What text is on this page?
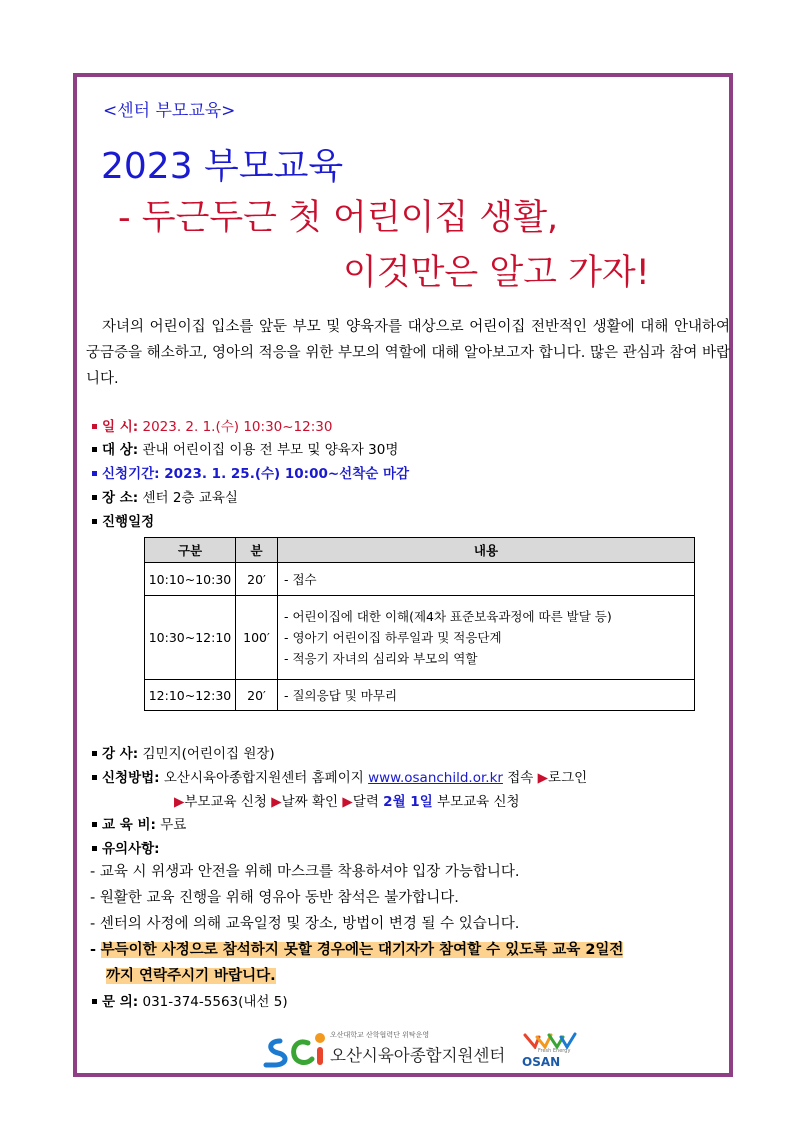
<센터 부모교육>
2023 부모교육
- 두근두근 첫 어린이집 생활,
이것만은 알고 가자!

자녀의 어린이집 입소를 앞둔 부모 및 양육자를 대상으로 어린이집 전반적인 생활에 대해 안내하여 궁금증을 해소하고, 영아의 적응을 위한 부모의 역할에 대해 알아보고자 합니다. 많은 관심과 참여 바랍니다.

일 시: 2023. 2. 1.(수) 10:30~12:30
대 상: 관내 어린이집 이용 전 부모 및 양육자 30명
신청기간: 2023. 1. 25.(수) 10:00~선착순 마감
장 소: 센터 2층 교육실
진행일정
구분	분	내용
10:10~10:30	20′	- 접수

10:30~12:10	100′	- 어린이집에 대한 이해(제4차 표준보육과정에 따른 발달 등)
- 영아기 어린이집 하루일과 및 적응단계
- 적응기 자녀의 심리와 부모의 역할

12:10~12:30	20′	- 질의응답 및 마무리
강 사: 김민지(어린이집 원장)
신청방법: 오산시육아종합지원센터 홈페이지 www.osanchild.or.kr 접속 ▶로그인
▶부모교육 신청 ▶날짜 확인 ▶달력 2월 1일 부모교육 신청
교 육 비: 무료
유의사항:
- 교육 시 위생과 안전을 위해 마스크를 착용하셔야 입장 가능합니다.
- 원활한 교육 진행을 위해 영유아 동반 참석은 불가합니다.
- 센터의 사정에 의해 교육일정 및 장소, 방법이 변경 될 수 있습니다.
- 부득이한 사정으로 참석하지 못할 경우에는 대기자가 참여할 수 있도록 교육 2일전
까지 연락주시기 바랍니다.
문 의: 031-374-5563(내선 5)
오산대학교 산학협력단 위탁운영
오산시육아종합지원센터	Fresh Energy
OSAN
